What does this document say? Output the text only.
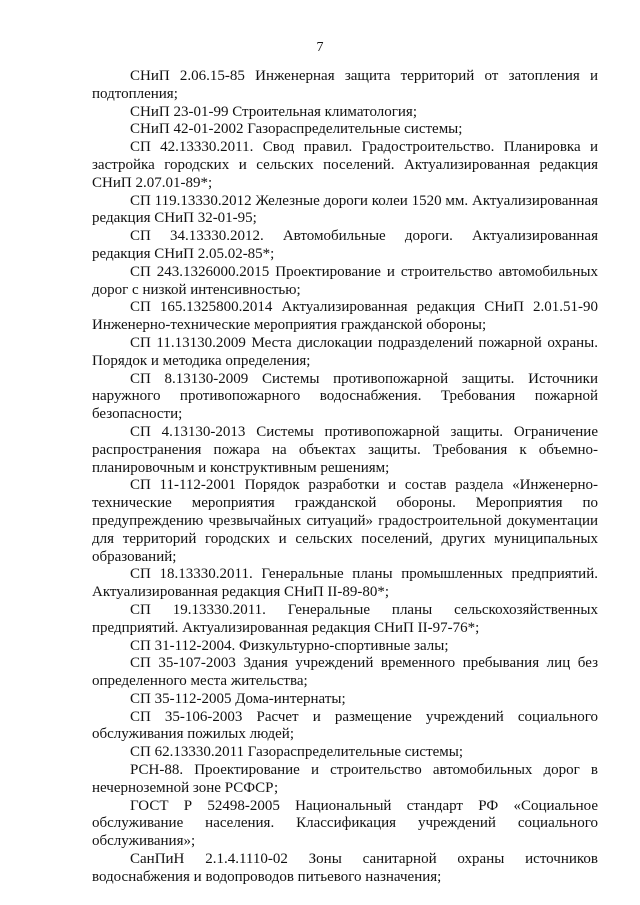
7

СНиП 2.06.15-85 Инженерная защита территорий от затопления и подтопления;

СНиП 23-01-99 Строительная климатология;

СНиП 42-01-2002 Газораспределительные системы;

СП 42.13330.2011. Свод правил. Градостроительство. Планировка и застройка городских и сельских поселений. Актуализированная редакция СНиП 2.07.01-89*;

СП 119.13330.2012 Железные дороги колеи 1520 мм. Актуализированная редакция СНиП 32-01-95;

СП 34.13330.2012. Автомобильные дороги. Актуализированная редакция СНиП 2.05.02-85*;

СП 243.1326000.2015 Проектирование и строительство автомобильных дорог с низкой интенсивностью;

СП 165.1325800.2014 Актуализированная редакция СНиП 2.01.51-90 Инженерно-технические мероприятия гражданской обороны;

СП 11.13130.2009 Места дислокации подразделений пожарной охраны. Порядок и методика определения;

СП 8.13130-2009 Системы противопожарной защиты. Источники наружного противопожарного водоснабжения. Требования пожарной безопасности;

СП 4.13130-2013 Системы противопожарной защиты. Ограничение распространения пожара на объектах защиты. Требования к объемно-планировочным и конструктивным решениям;

СП 11-112-2001 Порядок разработки и состав раздела «Инженерно-технические мероприятия гражданской обороны. Мероприятия по предупреждению чрезвычайных ситуаций» градостроительной документации для территорий городских и сельских поселений, других муниципальных образований;

СП 18.13330.2011. Генеральные планы промышленных предприятий. Актуализированная редакция СНиП II-89-80*;

СП 19.13330.2011. Генеральные планы сельскохозяйственных предприятий. Актуализированная редакция СНиП II-97-76*;

СП 31-112-2004. Физкультурно-спортивные залы;

СП 35-107-2003 Здания учреждений временного пребывания лиц без определенного места жительства;

СП 35-112-2005 Дома-интернаты;

СП 35-106-2003 Расчет и размещение учреждений социального обслуживания пожилых людей;

СП 62.13330.2011 Газораспределительные системы;

РСН-88. Проектирование и строительство автомобильных дорог в нечерноземной зоне РСФСР;

ГОСТ Р 52498-2005 Национальный стандарт РФ «Социальное обслуживание населения. Классификация учреждений социального обслуживания»;

СанПиН 2.1.4.1110-02 Зоны санитарной охраны источников водоснабжения и водопроводов питьевого назначения;
